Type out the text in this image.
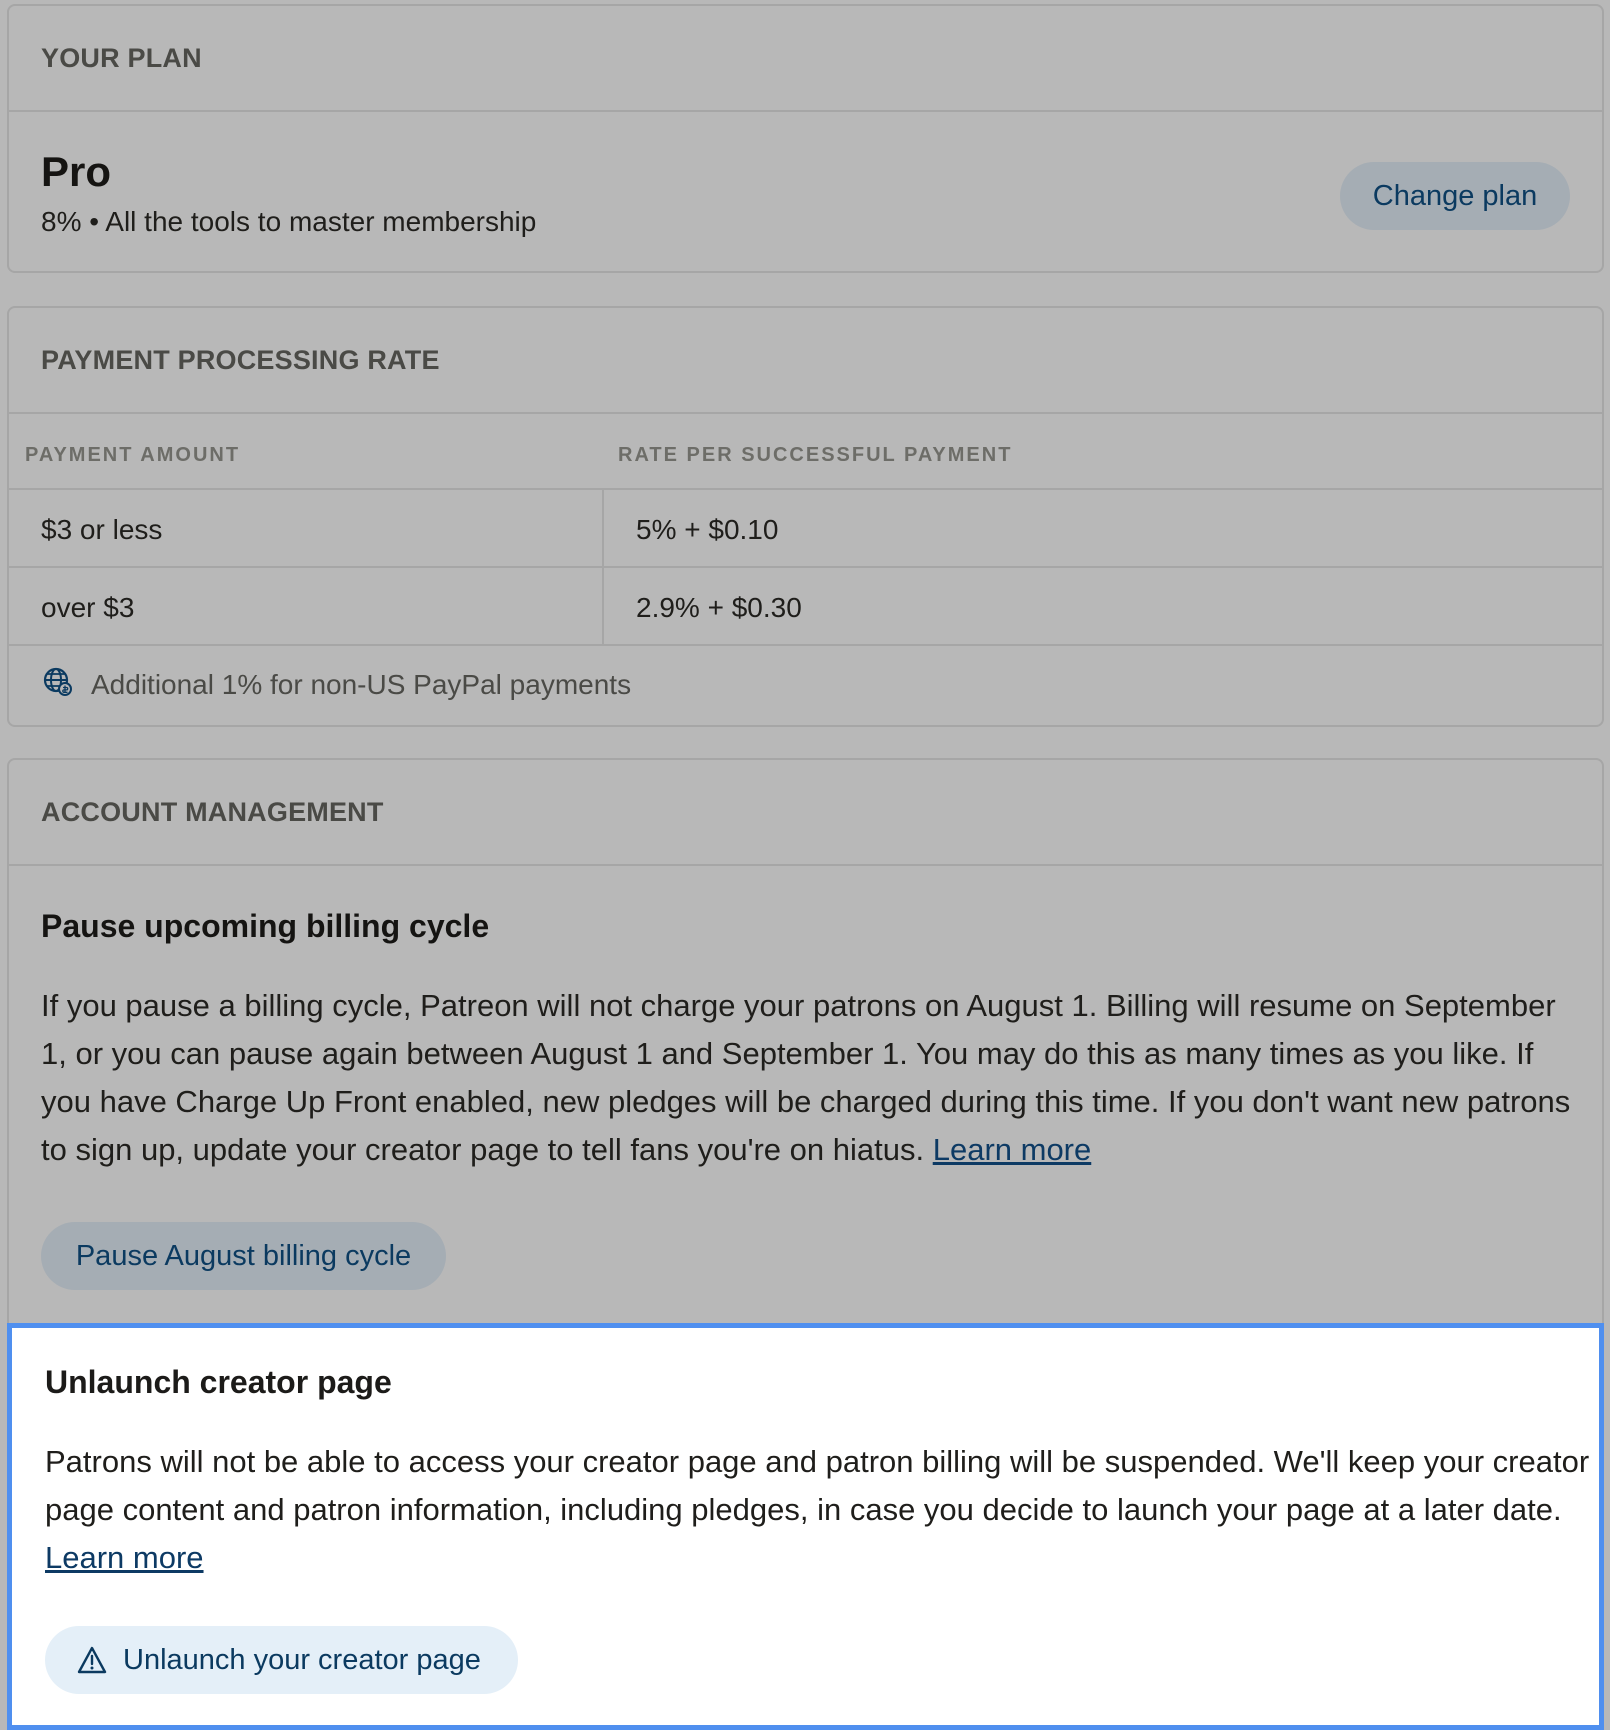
YOUR PLAN
Pro
8% • All the tools to master membership
Change plan
PAYMENT PROCESSING RATE
PAYMENT AMOUNT	RATE PER SUCCESSFUL PAYMENT
$3 or less	5% + $0.10
over $3	2.9% + $0.30
Additional 1% for non-US PayPal payments
ACCOUNT MANAGEMENT
Pause upcoming billing cycle
If you pause a billing cycle, Patreon will not charge your patrons on August 1. Billing will resume on September 1, or you can pause again between August 1 and September 1. You may do this as many times as you like. If you have Charge Up Front enabled, new pledges will be charged during this time. If you don't want new patrons to sign up, update your creator page to tell fans you're on hiatus. Learn more
Pause August billing cycle
Unlaunch creator page
Patrons will not be able to access your creator page and patron billing will be suspended. We'll keep your creator page content and patron information, including pledges, in case you decide to launch your page at a later date. Learn more
Unlaunch your creator page
